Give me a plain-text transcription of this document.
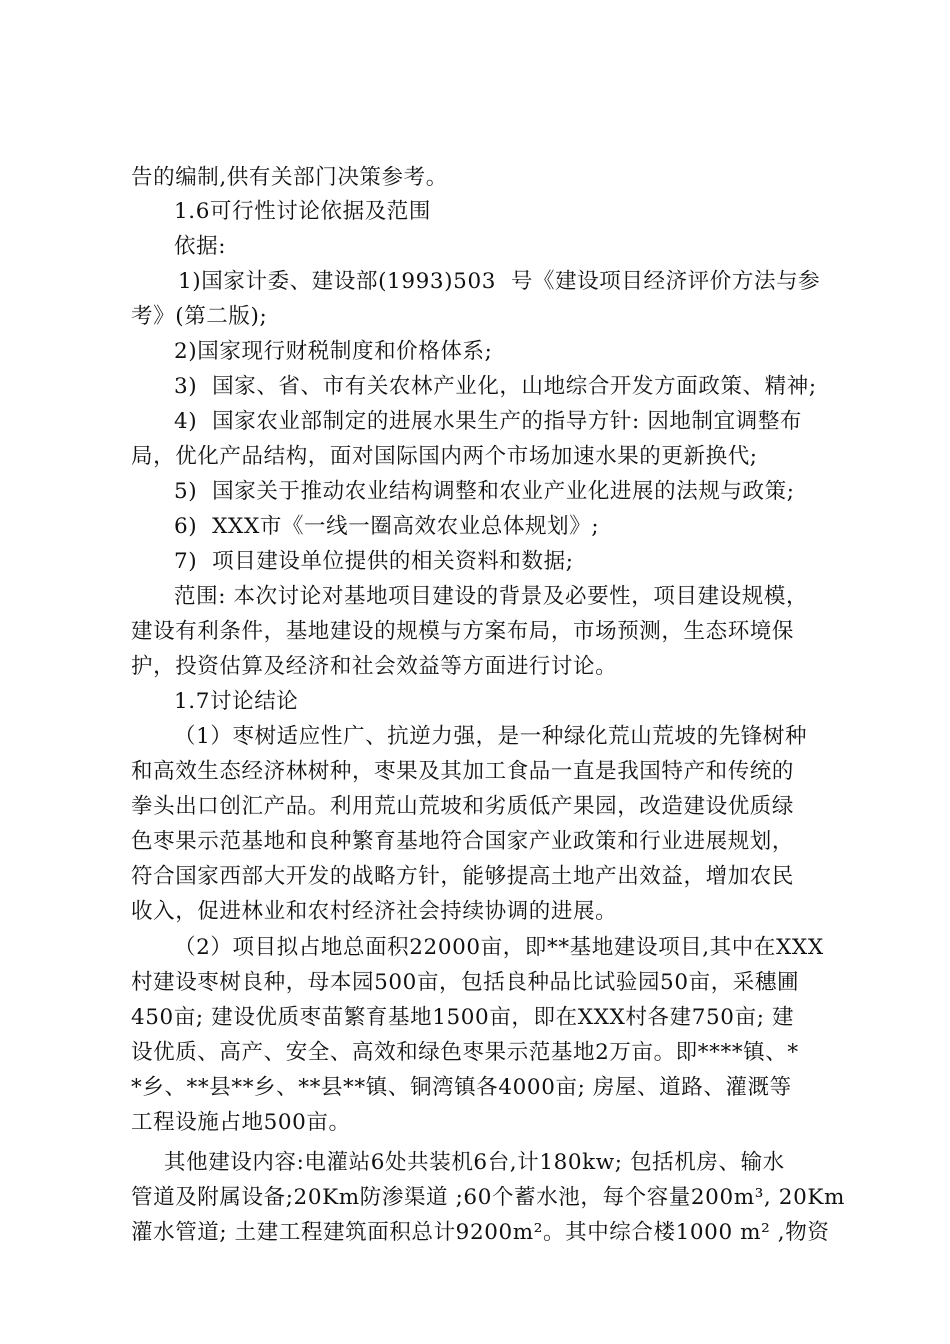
告的编制,供有关部门决策参考。
1.6可行性讨论依据及范围
依据:
1)国家计委、建设部(1993)503  号《建设项目经济评价方法与参
考》(第二版);
2)国家现行财税制度和价格体系;
3)  国家、省、市有关农林产业化，山地综合开发方面政策、精神;
4)  国家农业部制定的进展水果生产的指导方针: 因地制宜调整布
局，优化产品结构，面对国际国内两个市场加速水果的更新换代;
5)  国家关于推动农业结构调整和农业产业化进展的法规与政策;
6)  XXX市《一线一圈高效农业总体规划》;
7)  项目建设单位提供的相关资料和数据;
范围: 本次讨论对基地项目建设的背景及必要性，项目建设规模，
建设有利条件，基地建设的规模与方案布局，市场预测，生态环境保
护，投资估算及经济和社会效益等方面进行讨论。
1.7讨论结论
（1）枣树适应性广、抗逆力强，是一种绿化荒山荒坡的先锋树种
和高效生态经济林树种，枣果及其加工食品一直是我国特产和传统的
拳头出口创汇产品。利用荒山荒坡和劣质低产果园，改造建设优质绿
色枣果示范基地和良种繁育基地符合国家产业政策和行业进展规划，
符合国家西部大开发的战略方针，能够提高土地产出效益，增加农民
收入，促进林业和农村经济社会持续协调的进展。
（2）项目拟占地总面积22000亩，即**基地建设项目,其中在XXX
村建设枣树良种，母本园500亩，包括良种品比试验园50亩，采穗圃
450亩; 建设优质枣苗繁育基地1500亩，即在XXX村各建750亩; 建
设优质、高产、安全、高效和绿色枣果示范基地2万亩。即****镇、*
*乡、**县**乡、**县**镇、铜湾镇各4000亩; 房屋、道路、灌溉等
工程设施占地500亩。
其他建设内容:电灌站6处共装机6台,计180kw; 包括机房、输水
管道及附属设备;20Km防渗渠道 ;60个蓄水池，每个容量200m³, 20Km
灌水管道; 土建工程建筑面积总计9200m²。其中综合楼1000 m² ,物资
